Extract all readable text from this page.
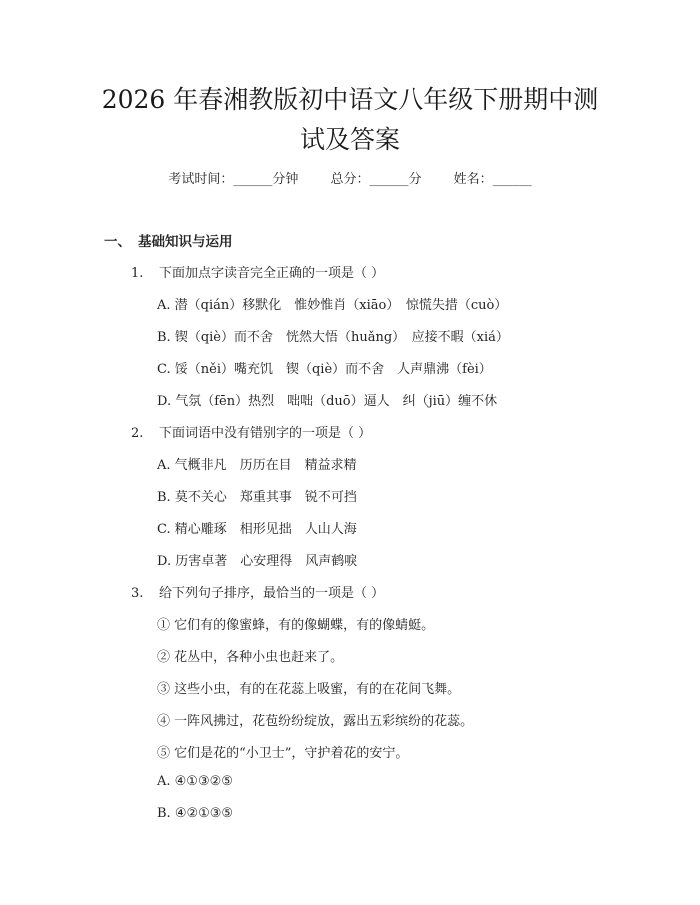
2026 年春湘教版初中语文八年级下册期中测
试及答案
考试时间：______分钟 总分：______分 姓名：______
一、 基础知识与运用
1. 下面加点字读音完全正确的一项是（ ）
A. 潜（qián）移默化　惟妙惟肖（xiāo）　惊慌失措（cuò）
B. 锲（qiè）而不舍　恍然大悟（huǎng）　应接不暇（xiá）
C. 馁（něi）嘴充饥　锲（qiè）而不舍　人声鼎沸（fèi）
D. 气氛（fēn）热烈　咄咄（duō）逼人　纠（jiū）缠不休
2. 下面词语中没有错别字的一项是（ ）
A. 气概非凡　历历在目　精益求精
B. 莫不关心　郑重其事　锐不可挡
C. 精心雕琢　相形见拙　人山人海
D. 历害卓著　心安理得　风声鹤唳
3. 给下列句子排序，最恰当的一项是（ ）
① 它们有的像蜜蜂，有的像蝴蝶，有的像蜻蜓。
② 花丛中，各种小虫也赶来了。
③ 这些小虫，有的在花蕊上吸蜜，有的在花间飞舞。
④ 一阵风拂过，花苞纷纷绽放，露出五彩缤纷的花蕊。
⑤ 它们是花的“小卫士”，守护着花的安宁。
A. ④①③②⑤
B. ④②①③⑤
